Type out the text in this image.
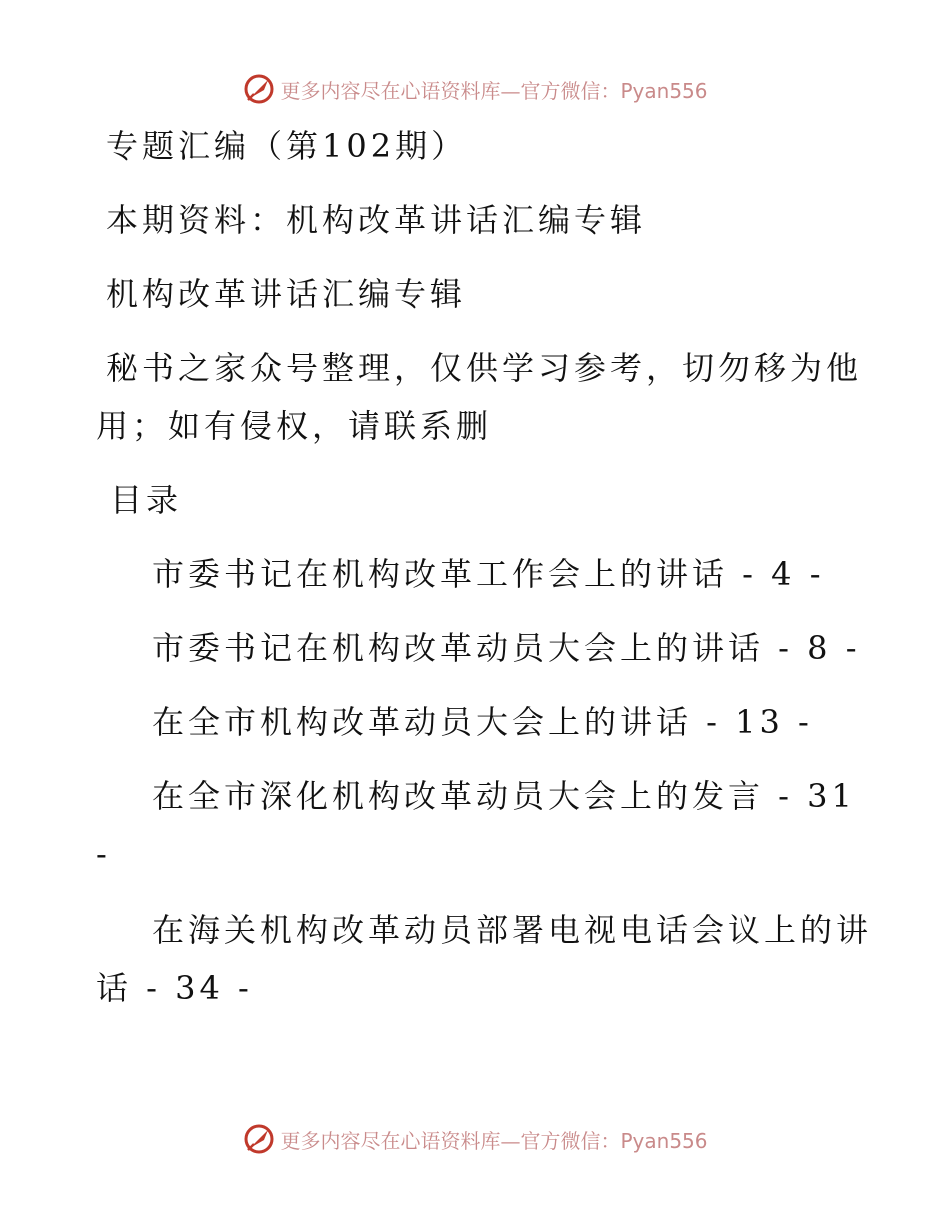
更多内容尽在心语资料库—官方微信：Pyan556
专题汇编（第102期）
本期资料：机构改革讲话汇编专辑
机构改革讲话汇编专辑
秘书之家众号整理，仅供学习参考，切勿移为他
用；如有侵权，请联系删
目录
市委书记在机构改革工作会上的讲话 - 4 -
市委书记在机构改革动员大会上的讲话 - 8 -
在全市机构改革动员大会上的讲话 - 13 -
在全市深化机构改革动员大会上的发言 - 31
-
在海关机构改革动员部署电视电话会议上的讲
话 - 34 -
更多内容尽在心语资料库—官方微信：Pyan556
